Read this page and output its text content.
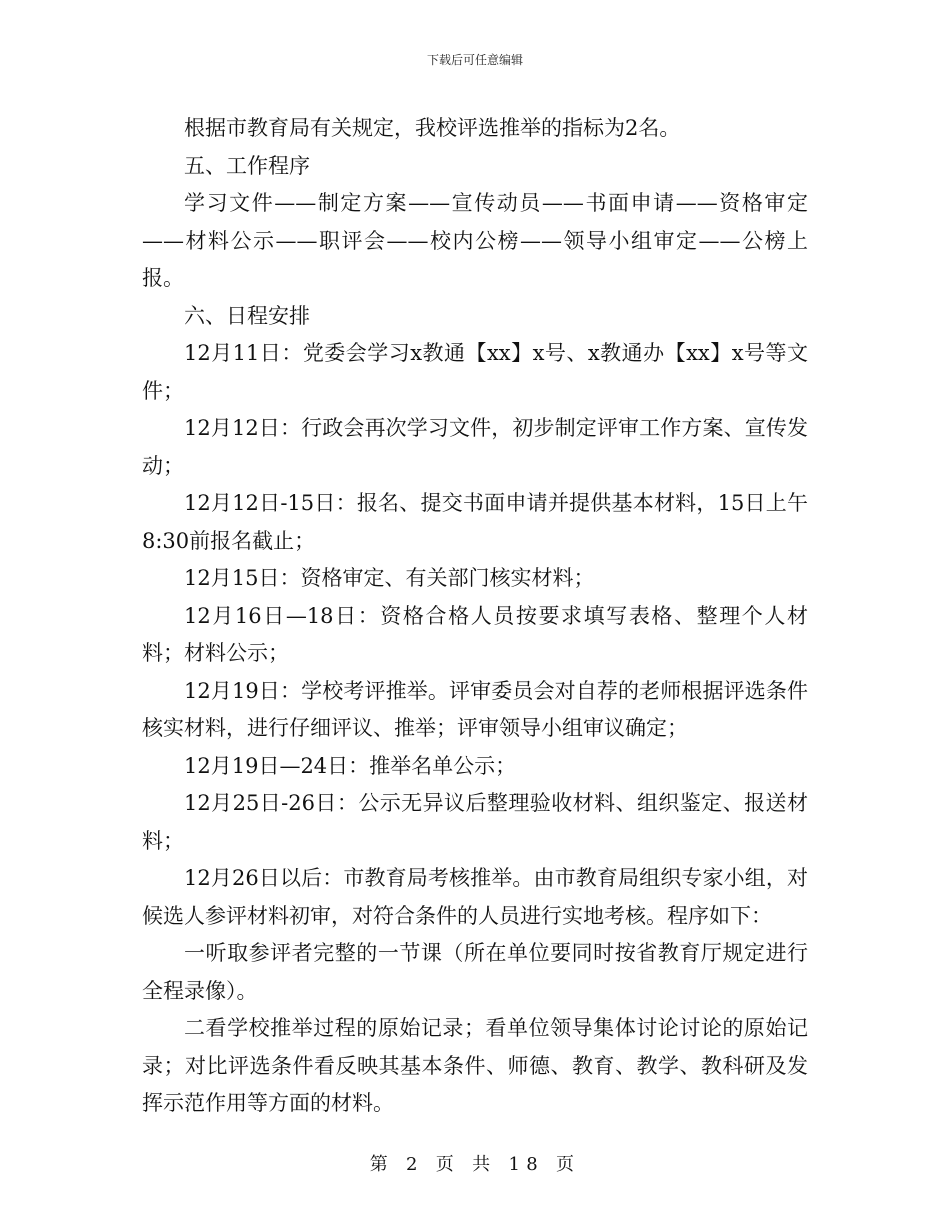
下载后可任意编辑

根据市教育局有关规定，我校评选推举的指标为2名。

五、工作程序

学习文件——制定方案——宣传动员——书面申请——资格审定——材料公示——职评会——校内公榜——领导小组审定——公榜上报。

六、日程安排

12月11日：党委会学习x教通【xx】x号、x教通办【xx】x号等文件；

12月12日：行政会再次学习文件，初步制定评审工作方案、宣传发动；

12月12日-15日：报名、提交书面申请并提供基本材料，15日上午8:30前报名截止；

12月15日：资格审定、有关部门核实材料；

12月16日—18日：资格合格人员按要求填写表格、整理个人材料；材料公示；

12月19日：学校考评推举。评审委员会对自荐的老师根据评选条件核实材料，进行仔细评议、推举；评审领导小组审议确定；

12月19日—24日：推举名单公示；

12月25日-26日：公示无异议后整理验收材料、组织鉴定、报送材料；

12月26日以后：市教育局考核推举。由市教育局组织专家小组，对候选人参评材料初审，对符合条件的人员进行实地考核。程序如下：

一听取参评者完整的一节课（所在单位要同时按省教育厅规定进行全程录像）。

二看学校推举过程的原始记录；看单位领导集体讨论讨论的原始记录；对比评选条件看反映其基本条件、师德、教育、教学、教科研及发挥示范作用等方面的材料。

第 2 页 共 18 页
